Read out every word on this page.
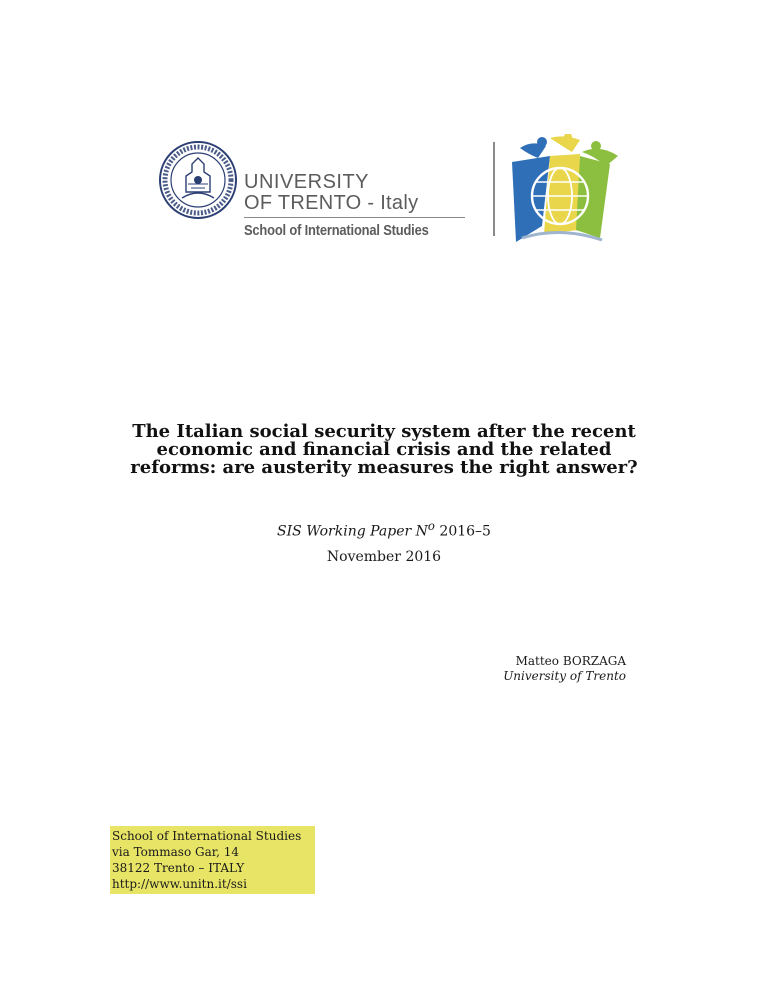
UNIVERSITY
OF TRENTO - Italy
School of International Studies
The Italian social security system after the recent
economic and financial crisis and the related
reforms: are austerity measures the right answer?
SIS Working Paper $N^o$ 2016–5
November 2016
Matteo BORZAGA
University of Trento
School of International Studies
via Tommaso Gar, 14
38122 Trento – ITALY
http://www.unitn.it/ssi
